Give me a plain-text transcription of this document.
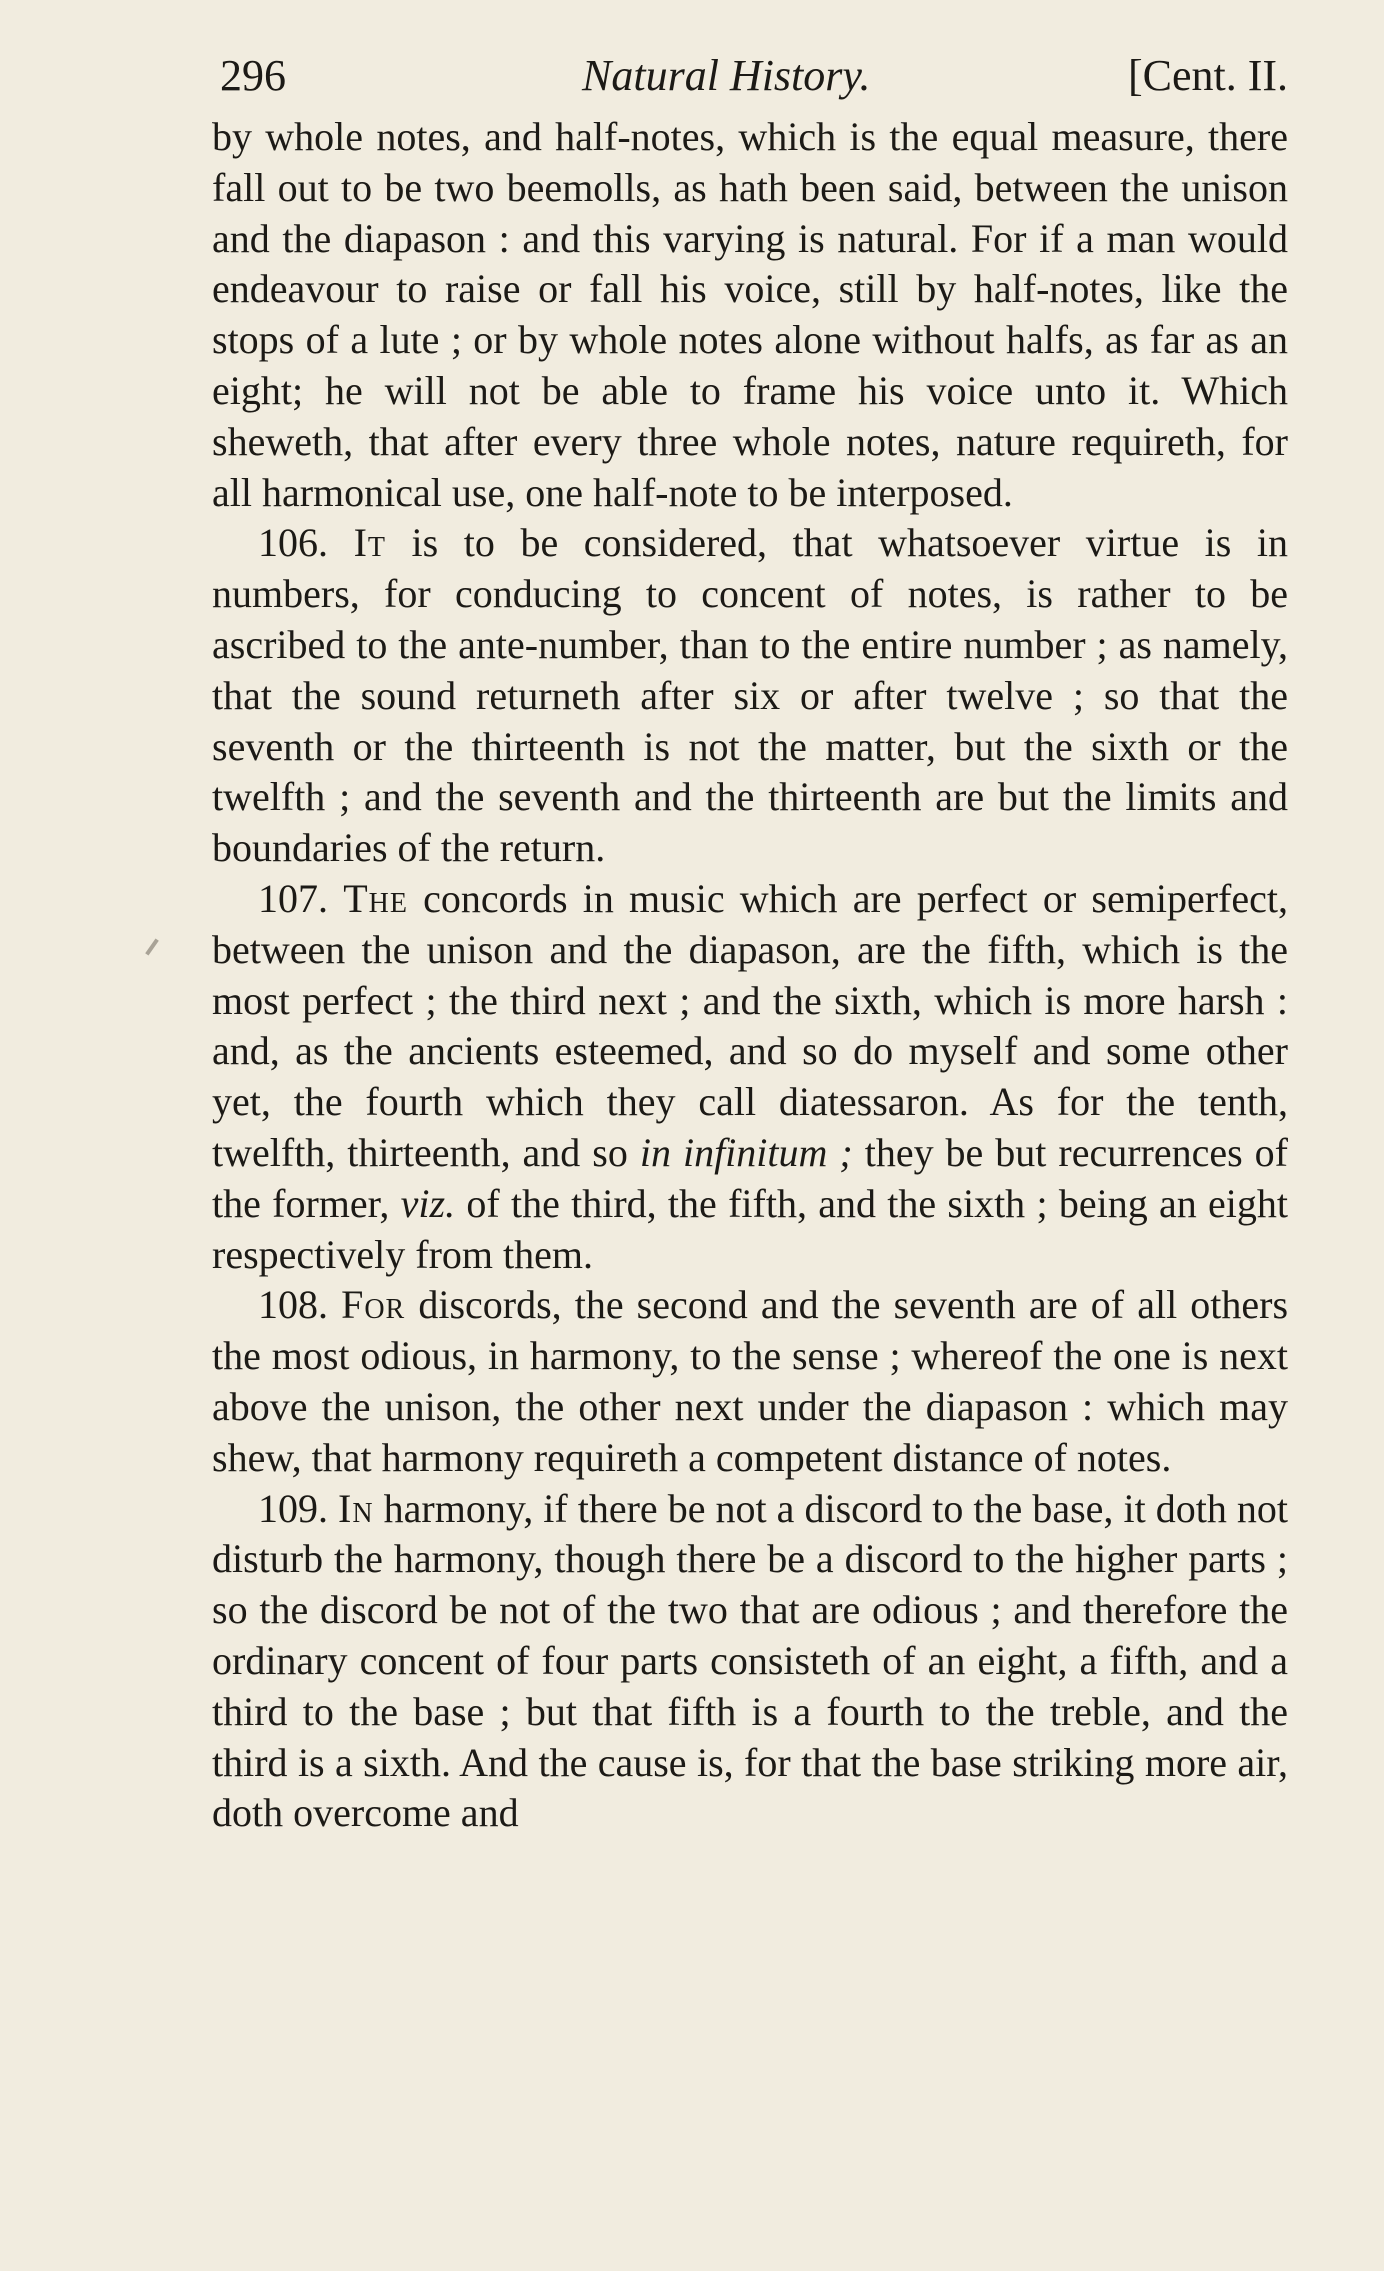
296	Natural History.	[Cent. II.

by whole notes, and half-notes, which is the equal measure, there fall out to be two beemolls, as hath been said, between the unison and the diapason : and this varying is natural. For if a man would endeavour to raise or fall his voice, still by half-notes, like the stops of a lute ; or by whole notes alone without halfs, as far as an eight; he will not be able to frame his voice unto it. Which sheweth, that after every three whole notes, nature requireth, for all harmonical use, one half-note to be interposed.

106. It is to be considered, that whatsoever virtue is in numbers, for conducing to concent of notes, is rather to be ascribed to the ante-number, than to the entire number ; as namely, that the sound returneth after six or after twelve ; so that the seventh or the thirteenth is not the matter, but the sixth or the twelfth ; and the seventh and the thirteenth are but the limits and boundaries of the return.

107. The concords in music which are perfect or semiperfect, between the unison and the diapason, are the fifth, which is the most perfect ; the third next ; and the sixth, which is more harsh : and, as the ancients esteemed, and so do myself and some other yet, the fourth which they call diatessaron. As for the tenth, twelfth, thirteenth, and so in infinitum ; they be but recurrences of the former, viz. of the third, the fifth, and the sixth ; being an eight respectively from them.

108. For discords, the second and the seventh are of all others the most odious, in harmony, to the sense ; whereof the one is next above the unison, the other next under the diapason : which may shew, that harmony requireth a competent distance of notes.

109. In harmony, if there be not a discord to the base, it doth not disturb the harmony, though there be a discord to the higher parts ; so the discord be not of the two that are odious ; and therefore the ordinary concent of four parts consisteth of an eight, a fifth, and a third to the base ; but that fifth is a fourth to the treble, and the third is a sixth. And the cause is, for that the base striking more air, doth overcome and
